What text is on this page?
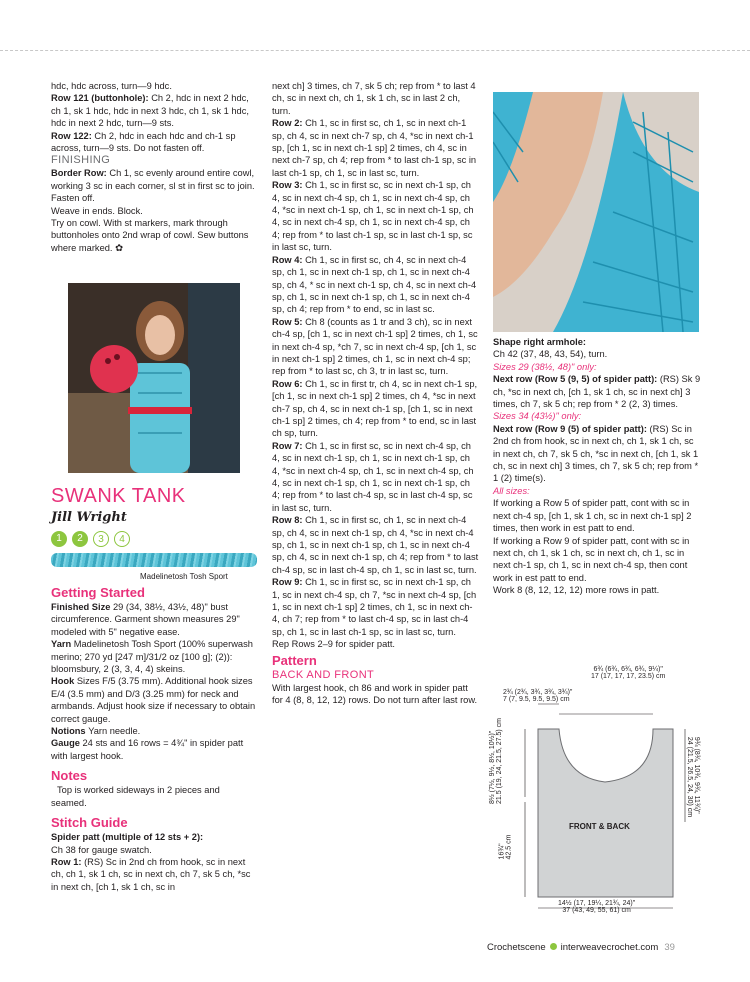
hdc, hdc across, turn—9 hdc.

Row 121 (buttonhole): Ch 2, hdc in next 2 hdc, ch 1, sk 1 hdc, hdc in next 3 hdc, ch 1, sk 1 hdc, hdc in next 2 hdc, turn—9 sts.

Row 122: Ch 2, hdc in each hdc and ch-1 sp across, turn—9 sts. Do not fasten off.

FINISHING

Border Row: Ch 1, sc evenly around entire cowl, working 3 sc in each corner, sl st in first sc to join. Fasten off.

Weave in ends. Block.

Try on cowl. With st markers, mark through buttonholes onto 2nd wrap of cowl. Sew buttons where marked. ✿

SWANK TANK
Jill Wright
1	2	3	4
Madelinetosh Tosh Sport

Getting Started

Finished Size 29 (34, 38½, 43½, 48)" bust circumference. Garment shown measures 29" modeled with 5" negative ease.

Yarn Madelinetosh Tosh Sport (100% superwash merino; 270 yd [247 m]/31/2 oz [100 g]; (2)): bloomsbury, 2 (3, 3, 4, 4) skeins.

Hook Sizes F/5 (3.75 mm). Additional hook sizes E/4 (3.5 mm) and D/3 (3.25 mm) for neck and armbands. Adjust hook size if necessary to obtain correct gauge.

Notions Yarn needle.

Gauge 24 sts and 16 rows = 4¾" in spider patt with largest hook.

Notes

Top is worked sideways in 2 pieces and seamed.

Stitch Guide

Spider patt (multiple of 12 sts + 2):

Ch 38 for gauge swatch.

Row 1: (RS) Sc in 2nd ch from hook, sc in next ch, ch 1, sk 1 ch, sc in next ch, ch 7, sk 5 ch, *sc in next ch, [ch 1, sk 1 ch, sc in

next ch] 3 times, ch 7, sk 5 ch; rep from * to last 4 ch, sc in next ch, ch 1, sk 1 ch, sc in last 2 ch, turn.

Row 2: Ch 1, sc in first sc, ch 1, sc in next ch-1 sp, ch 4, sc in next ch-7 sp, ch 4, *sc in next ch-1 sp, [ch 1, sc in next ch-1 sp] 2 times, ch 4, sc in next ch-7 sp, ch 4; rep from * to last ch-1 sp, sc in last ch-1 sp, ch 1, sc in last sc, turn.

Row 3: Ch 1, sc in first sc, sc in next ch-1 sp, ch 4, sc in next ch-4 sp, ch 1, sc in next ch-4 sp, ch 4, *sc in next ch-1 sp, ch 1, sc in next ch-1 sp, ch 4, sc in next ch-4 sp, ch 1, sc in next ch-4 sp, ch 4; rep from * to last ch-1 sp, sc in last ch-1 sp, sc in last sc, turn.

Row 4: Ch 1, sc in first sc, ch 4, sc in next ch-4 sp, ch 1, sc in next ch-1 sp, ch 1, sc in next ch-4 sp, ch 4, * sc in next ch-1 sp, ch 4, sc in next ch-4 sp, ch 1, sc in next ch-1 sp, ch 1, sc in next ch-4 sp, ch 4; rep from * to end, sc in last sc.

Row 5: Ch 8 (counts as 1 tr and 3 ch), sc in next ch-4 sp, [ch 1, sc in next ch-1 sp] 2 times, ch 1, sc in next ch-4 sp, *ch 7, sc in next ch-4 sp, [ch 1, sc in next ch-1 sp] 2 times, ch 1, sc in next ch-4 sp; rep from * to last sc, ch 3, tr in last sc, turn.

Row 6: Ch 1, sc in first tr, ch 4, sc in next ch-1 sp, [ch 1, sc in next ch-1 sp] 2 times, ch 4, *sc in next ch-7 sp, ch 4, sc in next ch-1 sp, [ch 1, sc in next ch-1 sp] 2 times, ch 4; rep from * to end, sc in last ch sp, turn.

Row 7: Ch 1, sc in first sc, sc in next ch-4 sp, ch 4, sc in next ch-1 sp, ch 1, sc in next ch-1 sp, ch 4, *sc in next ch-4 sp, ch 1, sc in next ch-4 sp, ch 4, sc in next ch-1 sp, ch 1, sc in next ch-1 sp, ch 4; rep from * to last ch-4 sp, sc in last ch-4 sp, sc in last sc, turn.

Row 8: Ch 1, sc in first sc, ch 1, sc in next ch-4 sp, ch 4, sc in next ch-1 sp, ch 4, *sc in next ch-4 sp, ch 1, sc in next ch-1 sp, ch 1, sc in next ch-4 sp, ch 4, sc in next ch-1 sp, ch 4; rep from * to last ch-4 sp, sc in last ch-4 sp, ch 1, sc in last sc, turn.

Row 9: Ch 1, sc in first sc, sc in next ch-1 sp, ch 1, sc in next ch-4 sp, ch 7, *sc in next ch-4 sp, [ch 1, sc in next ch-1 sp] 2 times, ch 1, sc in next ch-4, ch 7; rep from * to last ch-4 sp, sc in last ch-4 sp, ch 1, sc in last ch-1 sp, sc in last sc, turn.

Rep Rows 2–9 for spider patt.

Pattern

BACK AND FRONT

With largest hook, ch 86 and work in spider patt for 4 (8, 8, 12, 12) rows. Do not turn after last row.

Shape right armhole:

Ch 42 (37, 48, 43, 54), turn.

Sizes 29 (38½, 48)" only:

Next row (Row 5 (9, 5) of spider patt): (RS) Sk 9 ch, *sc in next ch, [ch 1, sk 1 ch, sc in next ch] 3 times, ch 7, sk 5 ch; rep from * 2 (2, 3) times.

Sizes 34 (43½)" only:

Next row (Row 9 (5) of spider patt): (RS) Sc in 2nd ch from hook, sc in next ch, ch 1, sk 1 ch, sc in next ch, ch 7, sk 5 ch, *sc in next ch, [ch 1, sk 1 ch, sc in next ch] 3 times, ch 7, sk 5 ch; rep from * 1 (2) time(s).

All sizes:

If working a Row 5 of spider patt, cont with sc in next ch-4 sp, [ch 1, sk 1 ch, sc in next ch-1 sp] 2 times, then work in est patt to end.

If working a Row 9 of spider patt, cont with sc in next ch, ch 1, sk 1 ch, sc in next ch, ch 1, sc in next ch-1 sp, ch 1, sc in next ch-4 sp, then cont work in est patt to end.

Work 8 (8, 12, 12, 12) more rows in patt.

6¾ (6¾, 6¾, 6¾, 9¼)"
17 (17, 17, 17, 23.5) cm
2¾ (2¾, 3¾, 3¾, 3¾)"
7 (7, 9.5, 9.5, 9.5) cm
8½ (7½, 9½, 8½, 10½)" 21.5 (19, 24, 21.5, 27.5) cm	9¾ (8¾, 10¾, 9¾, 11¾)"
24 (21.5, 26.5, 24, 30) cm
16¾" 42.5 cm
FRONT & BACK
14½ (17, 19¼, 21¾, 24)"
37 (43, 49, 55, 61) cm
Crochetscene interweavecrochet.com 39
